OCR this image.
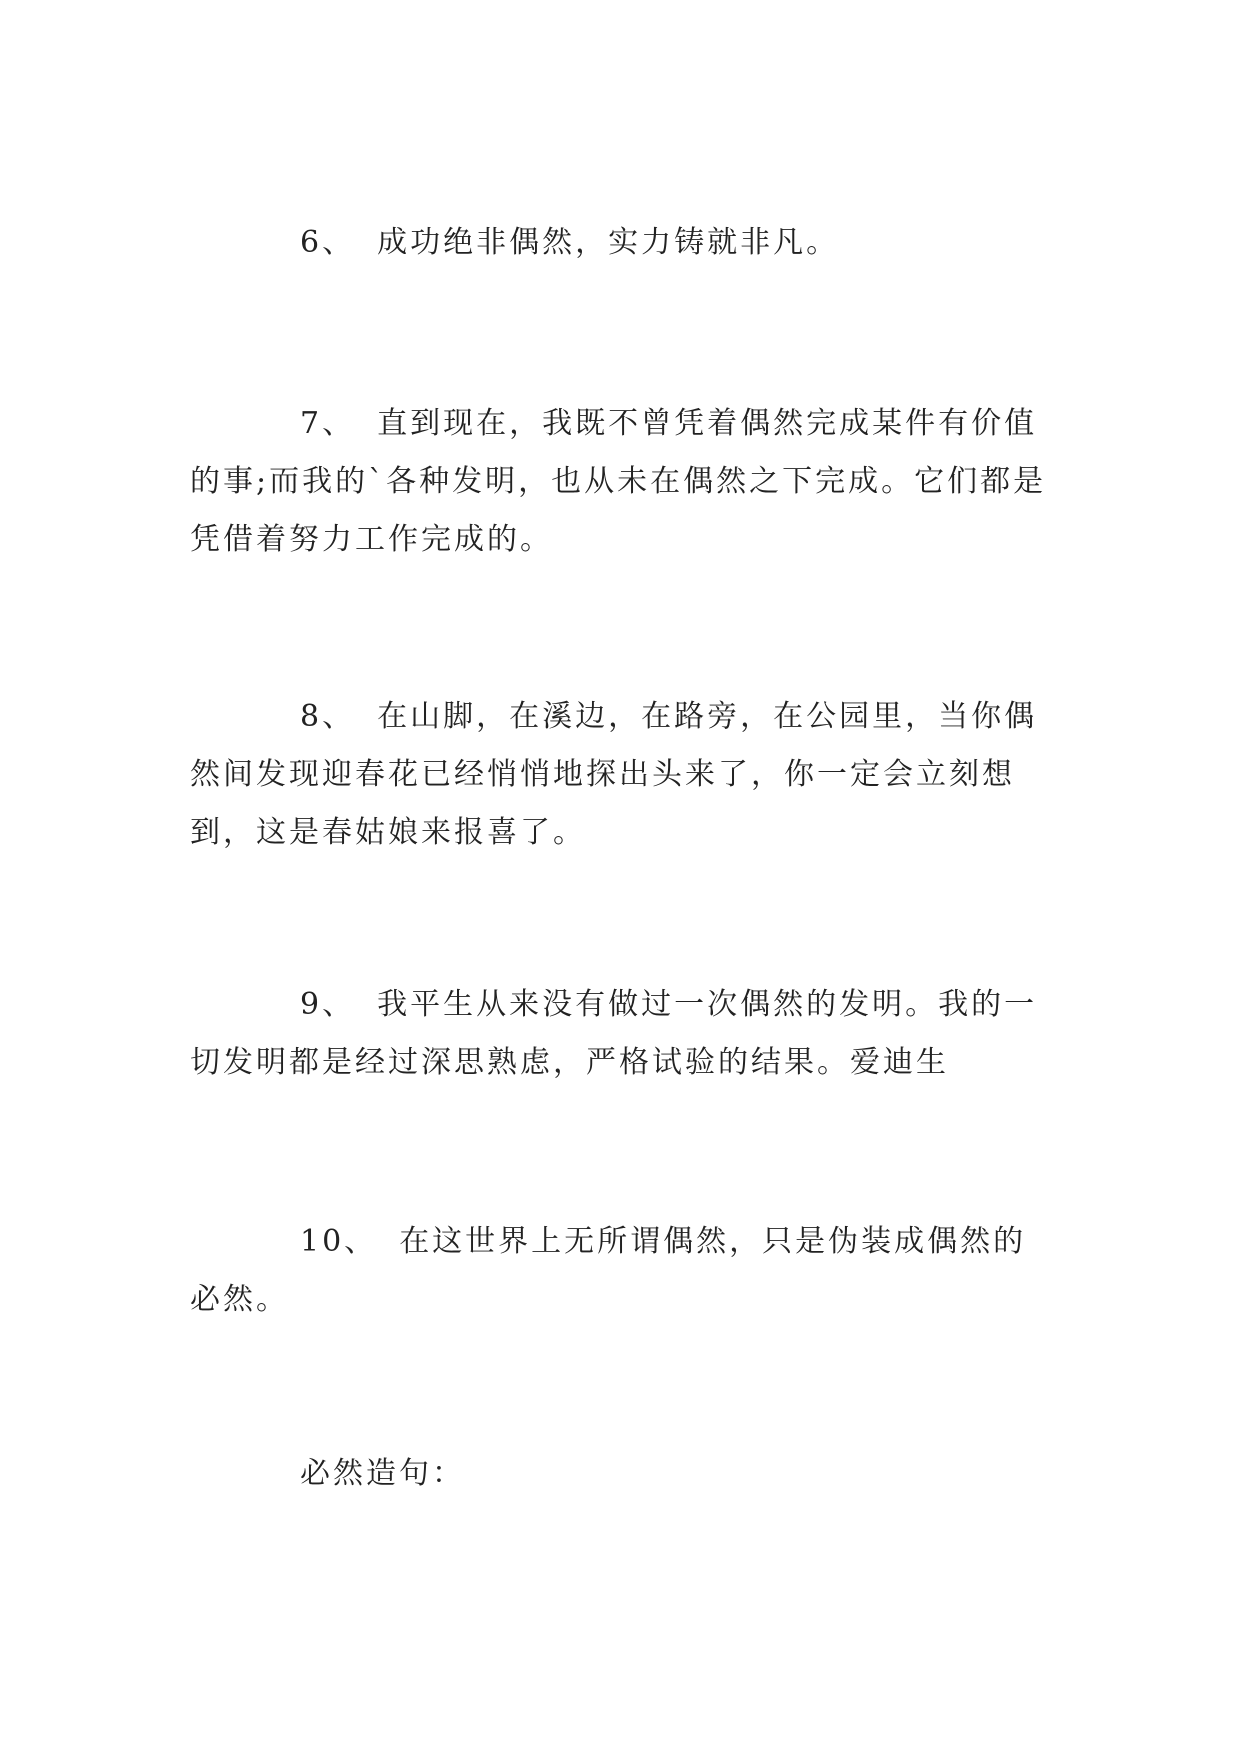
6、 成功绝非偶然，实力铸就非凡。

7、 直到现在，我既不曾凭着偶然完成某件有价值的事;而我的`各种发明，也从未在偶然之下完成。它们都是凭借着努力工作完成的。

8、 在山脚，在溪边，在路旁，在公园里，当你偶然间发现迎春花已经悄悄地探出头来了，你一定会立刻想到，这是春姑娘来报喜了。

9、 我平生从来没有做过一次偶然的发明。我的一切发明都是经过深思熟虑，严格试验的结果。爱迪生

10、 在这世界上无所谓偶然，只是伪装成偶然的必然。

必然造句：
